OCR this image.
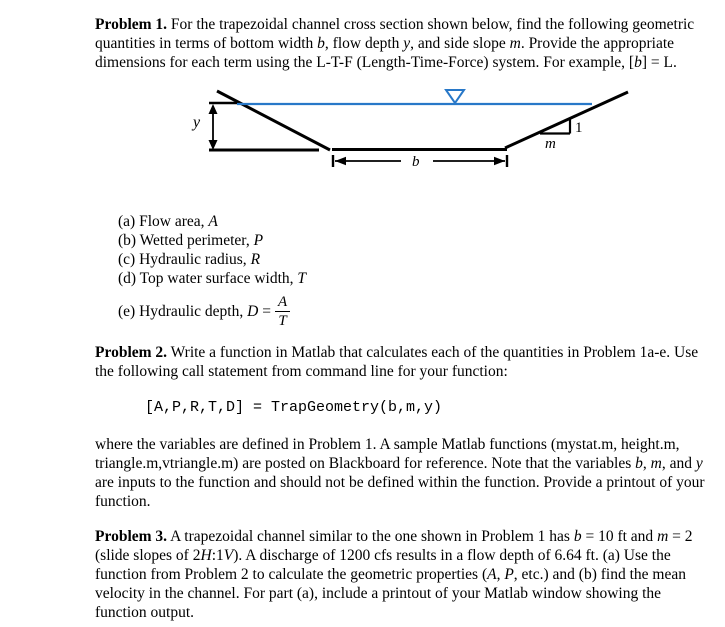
Problem 1. For the trapezoidal channel cross section shown below, find the following geometric quantities in terms of bottom width b, flow depth y, and side slope m. Provide the appropriate dimensions for each term using the L-T-F (Length-Time-Force) system. For example, [b] = L.
y
b
1
m
(a) Flow area, A
(b) Wetted perimeter, P
(c) Hydraulic radius, R
(d) Top water surface width, T
(e) Hydraulic depth, $D = \frac{A}{T}$
Problem 2. Write a function in Matlab that calculates each of the quantities in Problem 1a-e. Use the following call statement from command line for your function:
[A,P,R,T,D] = TrapGeometry(b,m,y)
where the variables are defined in Problem 1. A sample Matlab functions (mystat.m, height.m, triangle.m,vtriangle.m) are posted on Blackboard for reference. Note that the variables b, m, and y are inputs to the function and should not be defined within the function. Provide a printout of your function.
Problem 3. A trapezoidal channel similar to the one shown in Problem 1 has b = 10 ft and m = 2 (slide slopes of 2H:1V). A discharge of 1200 cfs results in a flow depth of 6.64 ft. (a) Use the function from Problem 2 to calculate the geometric properties (A, P, etc.) and (b) find the mean velocity in the channel. For part (a), include a printout of your Matlab window showing the function output.
